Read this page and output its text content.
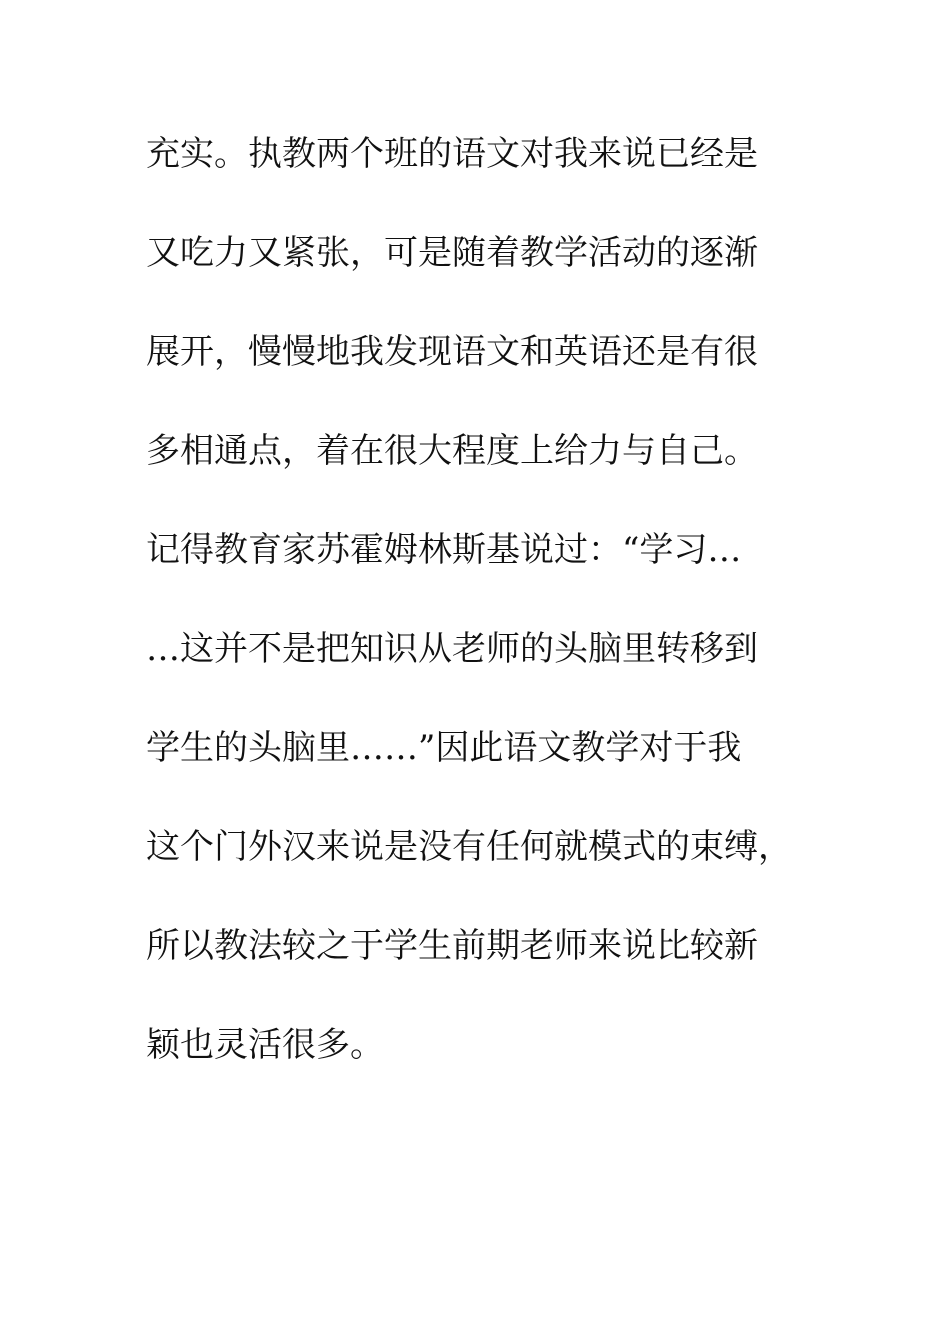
充实。执教两个班的语文对我来说已经是
又吃力又紧张，可是随着教学活动的逐渐
展开，慢慢地我发现语文和英语还是有很
多相通点，着在很大程度上给力与自己。
记得教育家苏霍姆林斯基说过：“学习…
…这并不是把知识从老师的头脑里转移到
学生的头脑里……”因此语文教学对于我
这个门外汉来说是没有任何就模式的束缚，
所以教法较之于学生前期老师来说比较新
颖也灵活很多。
